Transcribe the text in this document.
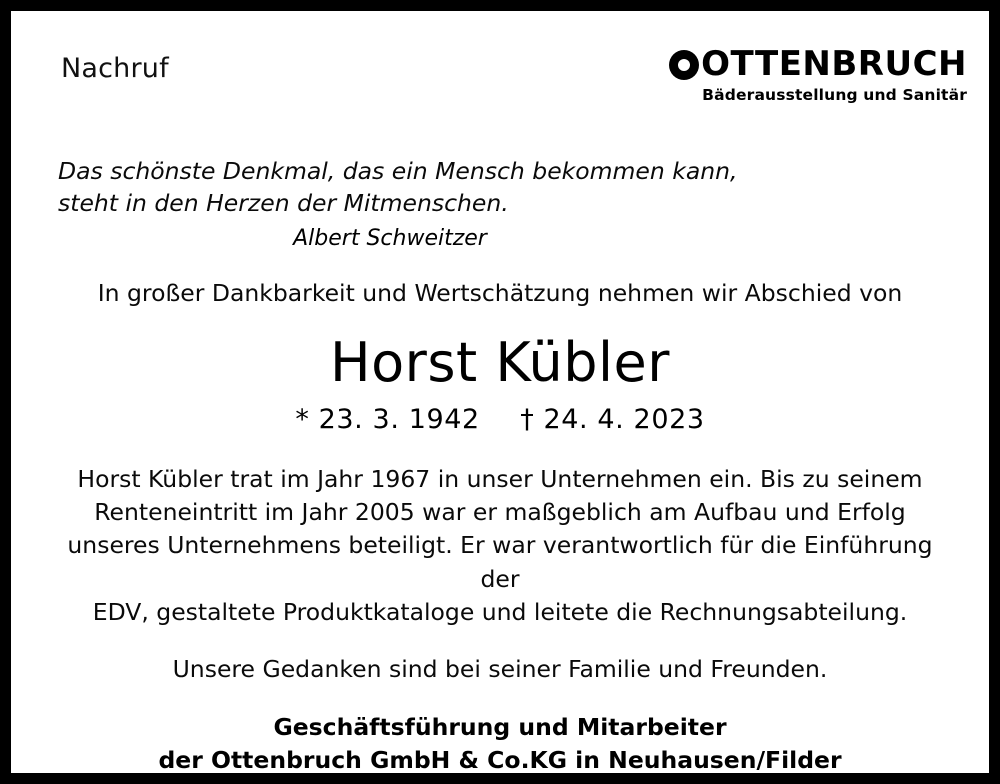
Nachruf	OTTENBRUCH
Bäderausstellung und Sanitär
Das schönste Denkmal, das ein Mensch bekommen kann,
steht in den Herzen der Mitmenschen.
Albert Schweitzer
In großer Dankbarkeit und Wertschätzung nehmen wir Abschied von
Horst Kübler
* 23. 3. 1942 † 24. 4. 2023
Horst Kübler trat im Jahr 1967 in unser Unternehmen ein. Bis zu seinem
Renteneintritt im Jahr 2005 war er maßgeblich am Aufbau und Erfolg
unseres Unternehmens beteiligt. Er war verantwortlich für die Einführung der
EDV, gestaltete Produktkataloge und leitete die Rechnungsabteilung.
Unsere Gedanken sind bei seiner Familie und Freunden.
Geschäftsführung und Mitarbeiter
der Ottenbruch GmbH & Co.KG in Neuhausen/Filder
